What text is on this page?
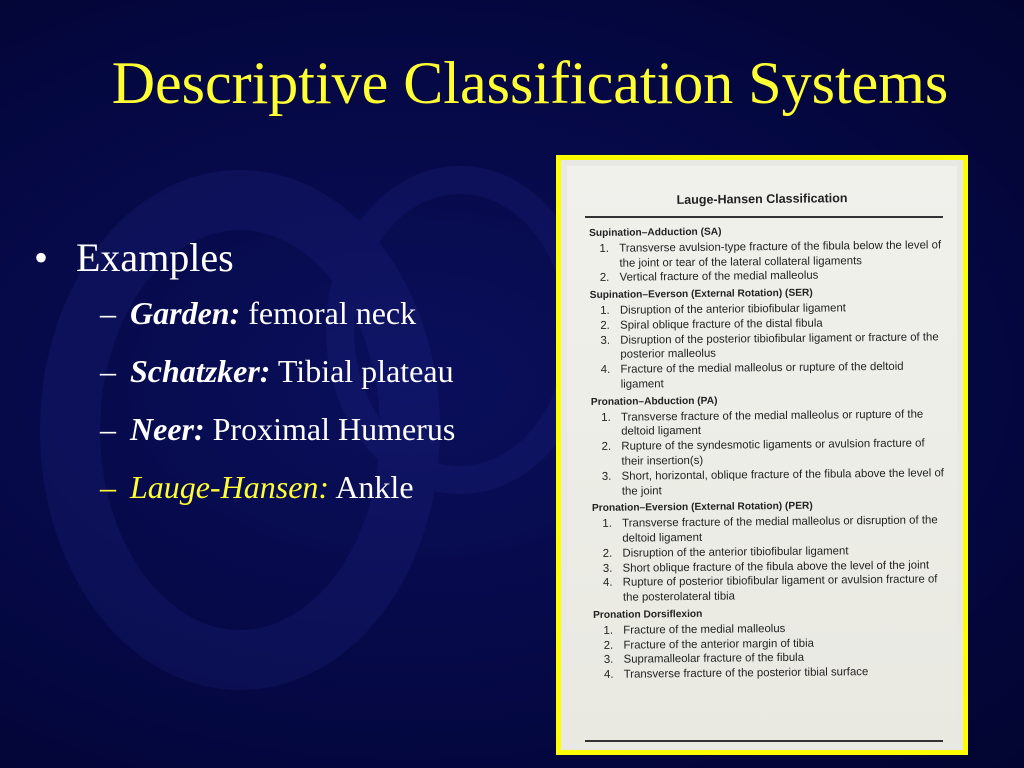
Descriptive Classification Systems
• Examples
– Garden: femoral neck
– Schatzker: Tibial plateau
– Neer: Proximal Humerus
– Lauge-Hansen: Ankle
Lauge-Hansen Classification
Supination–Adduction (SA)
1. Transverse avulsion-type fracture of the fibula below the level of the joint or tear of the lateral collateral ligaments
2. Vertical fracture of the medial malleolus
Supination–Everson (External Rotation) (SER)
1. Disruption of the anterior tibiofibular ligament
2. Spiral oblique fracture of the distal fibula
3. Disruption of the posterior tibiofibular ligament or fracture of the posterior malleolus
4. Fracture of the medial malleolus or rupture of the deltoid ligament
Pronation–Abduction (PA)
1. Transverse fracture of the medial malleolus or rupture of the deltoid ligament
2. Rupture of the syndesmotic ligaments or avulsion fracture of their insertion(s)
3. Short, horizontal, oblique fracture of the fibula above the level of the joint
Pronation–Eversion (External Rotation) (PER)
1. Transverse fracture of the medial malleolus or disruption of the deltoid ligament
2. Disruption of the anterior tibiofibular ligament
3. Short oblique fracture of the fibula above the level of the joint
4. Rupture of posterior tibiofibular ligament or avulsion fracture of the posterolateral tibia
Pronation Dorsiflexion
1. Fracture of the medial malleolus
2. Fracture of the anterior margin of tibia
3. Supramalleolar fracture of the fibula
4. Transverse fracture of the posterior tibial surface
